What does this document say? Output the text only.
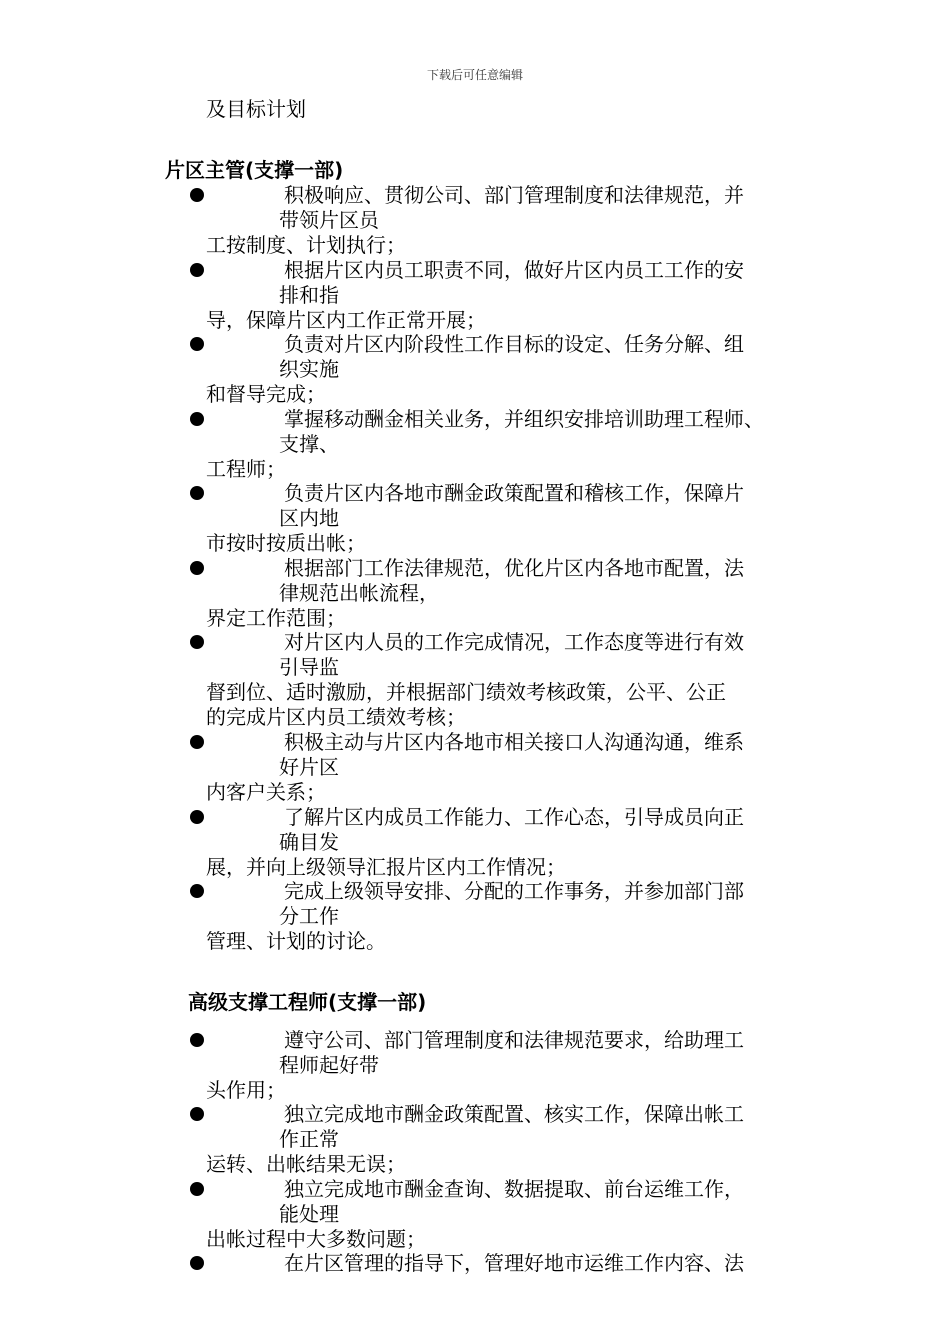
下载后可任意编辑
及目标计划
片区主管(支撑一部)
积极响应、贯彻公司、部门管理制度和法律规范，并
带领片区员
工按制度、计划执行；
根据片区内员工职责不同，做好片区内员工工作的安
排和指
导，保障片区内工作正常开展；
负责对片区内阶段性工作目标的设定、任务分解、组
织实施
和督导完成；
掌握移动酬金相关业务，并组织安排培训助理工程师、
支撑、
工程师；
负责片区内各地市酬金政策配置和稽核工作，保障片
区内地
市按时按质出帐；
根据部门工作法律规范，优化片区内各地市配置，法
律规范出帐流程，
界定工作范围；
对片区内人员的工作完成情况，工作态度等进行有效
引导监
督到位、适时激励，并根据部门绩效考核政策，公平、公正
的完成片区内员工绩效考核；
积极主动与片区内各地市相关接口人沟通沟通，维系
好片区
内客户关系；
了解片区内成员工作能力、工作心态，引导成员向正
确目发
展，并向上级领导汇报片区内工作情况；
完成上级领导安排、分配的工作事务，并参加部门部
分工作
管理、计划的讨论。
高级支撑工程师(支撑一部)
遵守公司、部门管理制度和法律规范要求，给助理工
程师起好带
头作用；
独立完成地市酬金政策配置、核实工作，保障出帐工
作正常
运转、出帐结果无误；
独立完成地市酬金查询、数据提取、前台运维工作，
能处理
出帐过程中大多数问题；
在片区管理的指导下，管理好地市运维工作内容、法
